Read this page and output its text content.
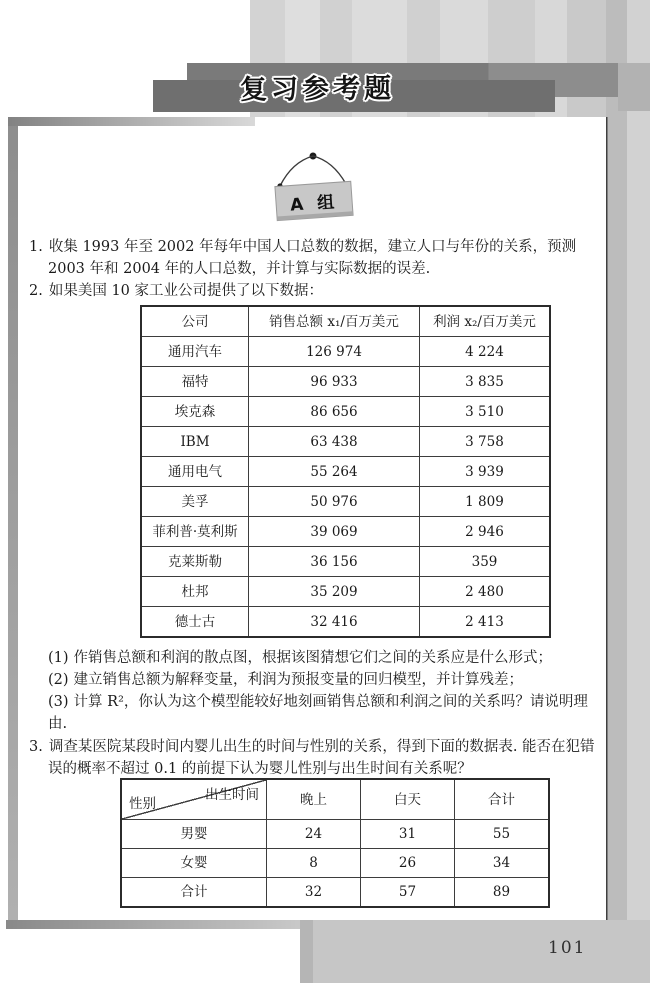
复习参考题

1. 收集 1993 年至 2002 年每年中国人口总数的数据，建立人口与年份的关系，预测 2003 年和 2004 年的人口总数，并计算与实际数据的误差.

2. 如果美国 10 家工业公司提供了以下数据：

公司	销售总额 x₁/百万美元	利润 x₂/百万美元
通用汽车	126 974	4 224
福特	96 933	3 835
埃克森	86 656	3 510
IBM	63 438	3 758
通用电气	55 264	3 939
美孚	50 976	1 809
菲利普·莫利斯	39 069	2 946
克莱斯勒	36 156	359
杜邦	35 209	2 480
德士古	32 416	2 413

(1) 作销售总额和利润的散点图，根据该图猜想它们之间的关系应是什么形式；

(2) 建立销售总额为解释变量，利润为预报变量的回归模型，并计算残差；

(3) 计算 R²，你认为这个模型能较好地刻画销售总额和利润之间的关系吗？请说明理由.

3. 调查某医院某段时间内婴儿出生的时间与性别的关系，得到下面的数据表. 能否在犯错误的概率不超过 0.1 的前提下认为婴儿性别与出生时间有关系呢？

出生时间
性别	晚上	白天	合计
男婴	24	31	55
女婴	8	26	34
合计	32	57	89
A 组
101
